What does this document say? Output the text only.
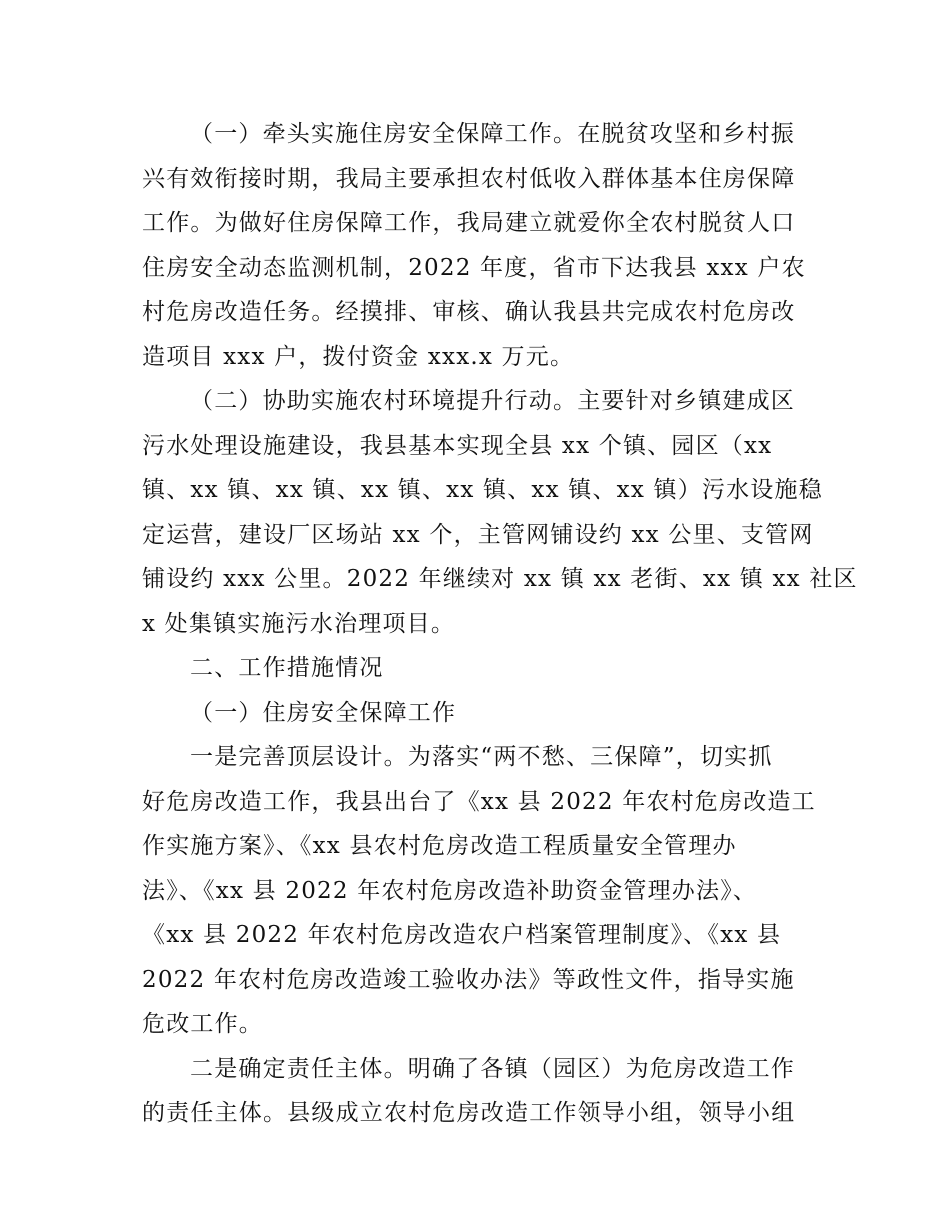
（一）牵头实施住房安全保障工作。在脱贫攻坚和乡村振
兴有效衔接时期，我局主要承担农村低收入群体基本住房保障
工作。为做好住房保障工作，我局建立就爱你全农村脱贫人口
住房安全动态监测机制，2022 年度，省市下达我县 xxx 户农
村危房改造任务。经摸排、审核、确认我县共完成农村危房改
造项目 xxx 户，拨付资金 xxx.x 万元。
（二）协助实施农村环境提升行动。主要针对乡镇建成区
污水处理设施建设，我县基本实现全县 xx 个镇、园区（xx
镇、xx 镇、xx 镇、xx 镇、xx 镇、xx 镇、xx 镇）污水设施稳
定运营，建设厂区场站 xx 个，主管网铺设约 xx 公里、支管网
铺设约 xxx 公里。2022 年继续对 xx 镇 xx 老街、xx 镇 xx 社区
x 处集镇实施污水治理项目。
二、工作措施情况
（一）住房安全保障工作
一是完善顶层设计。为落实“两不愁、三保障”，切实抓
好危房改造工作，我县出台了《xx 县 2022 年农村危房改造工
作实施方案》、《xx 县农村危房改造工程质量安全管理办
法》、《xx 县 2022 年农村危房改造补助资金管理办法》、
《xx 县 2022 年农村危房改造农户档案管理制度》、《xx 县
2022 年农村危房改造竣工验收办法》等政性文件，指导实施
危改工作。
二是确定责任主体。明确了各镇（园区）为危房改造工作
的责任主体。县级成立农村危房改造工作领导小组，领导小组
